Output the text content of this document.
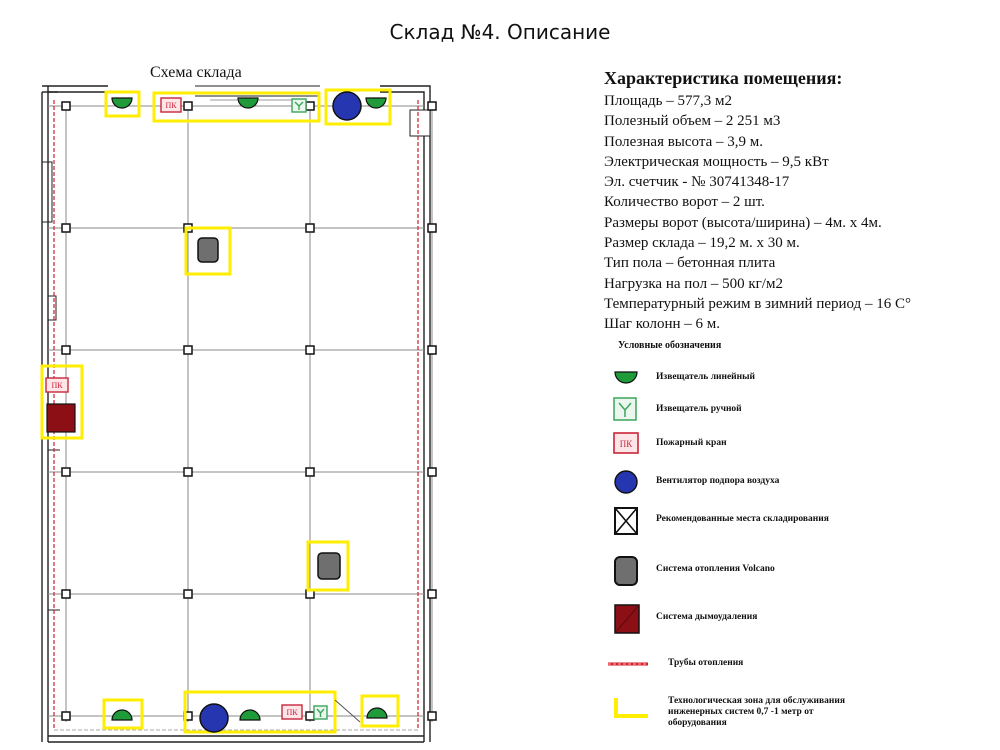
Склад №4. Описание
Схема склада
ПК
ПК
ПК
Характеристика помещения:
Площадь – 577,3 м2
Полезный объем – 2 251 м3
Полезная высота – 3,9 м.
Электрическая мощность – 9,5 кВт
Эл. счетчик - № 30741348-17
Количество ворот – 2 шт.
Размеры ворот (высота/ширина) – 4м. х 4м.
Размер склада – 19,2 м. х 30 м.
Тип пола – бетонная плита
Нагрузка на пол – 500 кг/м2
Температурный режим в зимний период – 16 С°
Шаг колонн – 6 м.
Условные обозначения
Извещатель линейный
Извещатель ручной
ПК Пожарный кран
Вентилятор подпора воздуха
Рекомендованные места складирования
Система отопления Volcano
Система дымоудаления
Трубы отопления
Технологическая зона для обслуживания инженерных систем 0,7 -1 метр от оборудования
